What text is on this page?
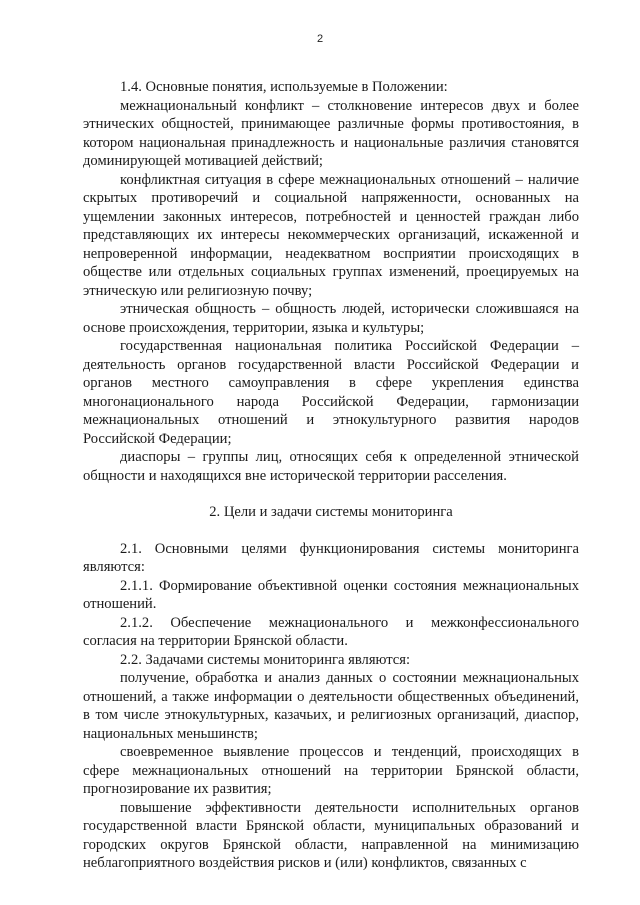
2

1.4. Основные понятия, используемые в Положении:

межнациональный конфликт – столкновение интересов двух и более этнических общностей, принимающее различные формы противостояния, в котором национальная принадлежность и национальные различия становятся доминирующей мотивацией действий;

конфликтная ситуация в сфере межнациональных отношений – наличие скрытых противоречий и социальной напряженности, основанных на ущемлении законных интересов, потребностей и ценностей граждан либо представляющих их интересы некоммерческих организаций, искаженной и непроверенной информации, неадекватном восприятии происходящих в обществе или отдельных социальных группах изменений, проецируемых на этническую или религиозную почву;

этническая общность – общность людей, исторически сложившаяся на основе происхождения, территории, языка и культуры;

государственная национальная политика Российской Федерации – деятельность органов государственной власти Российской Федерации и органов местного самоуправления в сфере укрепления единства многонационального народа Российской Федерации, гармонизации межнациональных отношений и этнокультурного развития народов Российской Федерации;

диаспоры – группы лиц, относящих себя к определенной этнической общности и находящихся вне исторической территории расселения.

2. Цели и задачи системы мониторинга

2.1. Основными целями функционирования системы мониторинга являются:

2.1.1. Формирование объективной оценки состояния межнациональных отношений.

2.1.2. Обеспечение межнационального и межконфессионального согласия на территории Брянской области.

2.2. Задачами системы мониторинга являются:

получение, обработка и анализ данных о состоянии межнациональных отношений, а также информации о деятельности общественных объединений, в том числе этнокультурных, казачьих, и религиозных организаций, диаспор, национальных меньшинств;

своевременное выявление процессов и тенденций, происходящих в сфере межнациональных отношений на территории Брянской области, прогнозирование их развития;

повышение эффективности деятельности исполнительных органов государственной власти Брянской области, муниципальных образований и городских округов Брянской области, направленной на минимизацию неблагоприятного воздействия рисков и (или) конфликтов, связанных с
